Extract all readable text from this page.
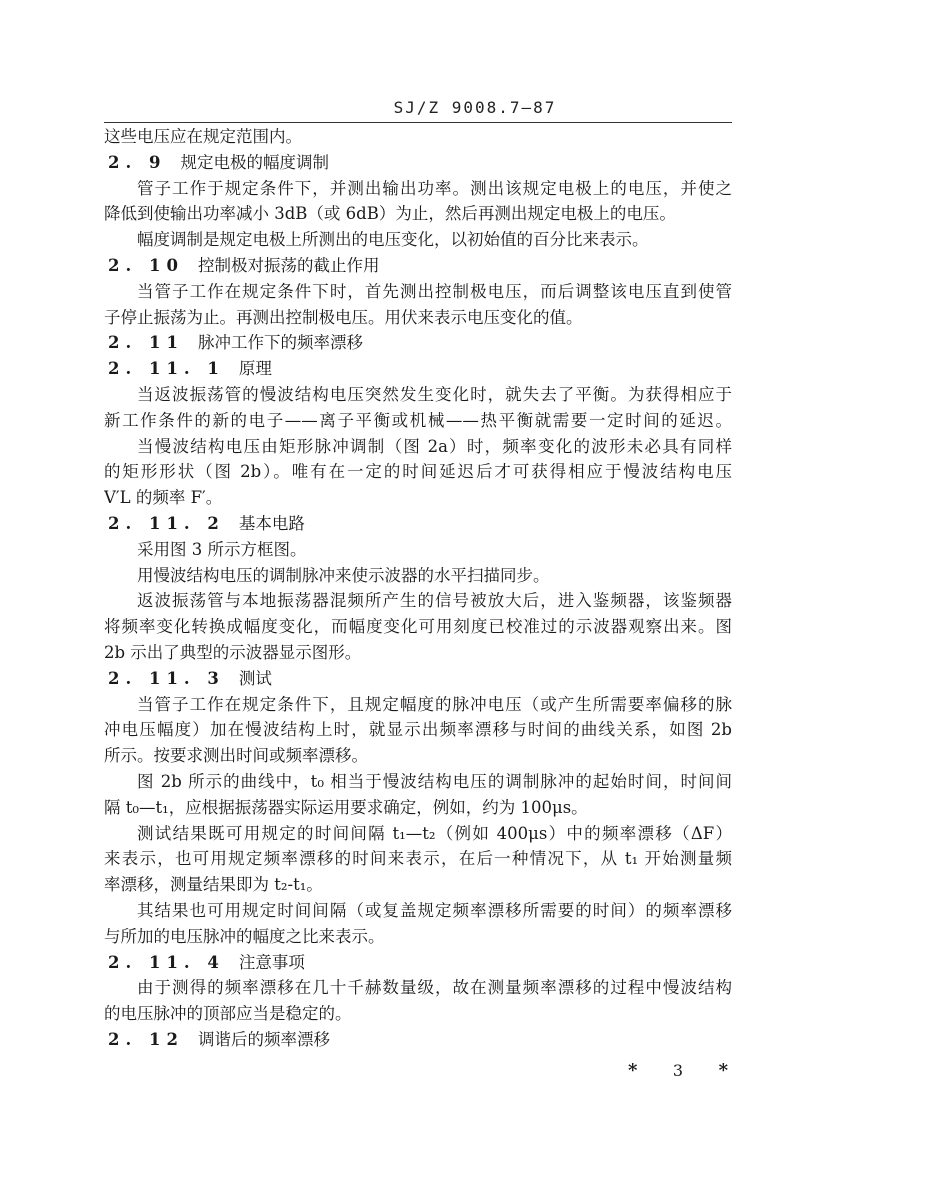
SJ/Z 9008.7—87
这些电压应在规定范围内。
2. 9 规定电极的幅度调制
管子工作于规定条件下，并测出输出功率。测出该规定电极上的电压，并使之
降低到使输出功率减小 3dB（或 6dB）为止，然后再测出规定电极上的电压。
幅度调制是规定电极上所测出的电压变化，以初始值的百分比来表示。
2. 10 控制极对振荡的截止作用
当管子工作在规定条件下时，首先测出控制极电压，而后调整该电压直到使管
子停止振荡为止。再测出控制极电压。用伏来表示电压变化的值。
2. 11 脉冲工作下的频率漂移
2. 11. 1 原理
当返波振荡管的慢波结构电压突然发生变化时，就失去了平衡。为获得相应于
新工作条件的新的电子——离子平衡或机械——热平衡就需要一定时间的延迟。
当慢波结构电压由矩形脉冲调制（图 2a）时，频率变化的波形未必具有同样
的矩形形状（图 2b）。唯有在一定的时间延迟后才可获得相应于慢波结构电压
V′L 的频率 F′。
2. 11. 2 基本电路
采用图 3 所示方框图。
用慢波结构电压的调制脉冲来使示波器的水平扫描同步。
返波振荡管与本地振荡器混频所产生的信号被放大后，进入鉴频器，该鉴频器
将频率变化转换成幅度变化，而幅度变化可用刻度已校准过的示波器观察出来。图
2b 示出了典型的示波器显示图形。
2. 11. 3 测试
当管子工作在规定条件下，且规定幅度的脉冲电压（或产生所需要率偏移的脉
冲电压幅度）加在慢波结构上时，就显示出频率漂移与时间的曲线关系，如图 2b
所示。按要求测出时间或频率漂移。
图 2b 所示的曲线中，t₀ 相当于慢波结构电压的调制脉冲的起始时间，时间间
隔 t₀—t₁，应根据振荡器实际运用要求确定，例如，约为 100μs。
测试结果既可用规定的时间间隔 t₁—t₂（例如 400μs）中的频率漂移（ΔF）
来表示，也可用规定频率漂移的时间来表示，在后一种情况下，从 t₁ 开始测量频
率漂移，测量结果即为 t₂-t₁。
其结果也可用规定时间间隔（或复盖规定频率漂移所需要的时间）的频率漂移
与所加的电压脉冲的幅度之比来表示。
2. 11. 4 注意事项
由于测得的频率漂移在几十千赫数量级，故在测量频率漂移的过程中慢波结构
的电压脉冲的顶部应当是稳定的。
2. 12 调谐后的频率漂移
* 3 *
